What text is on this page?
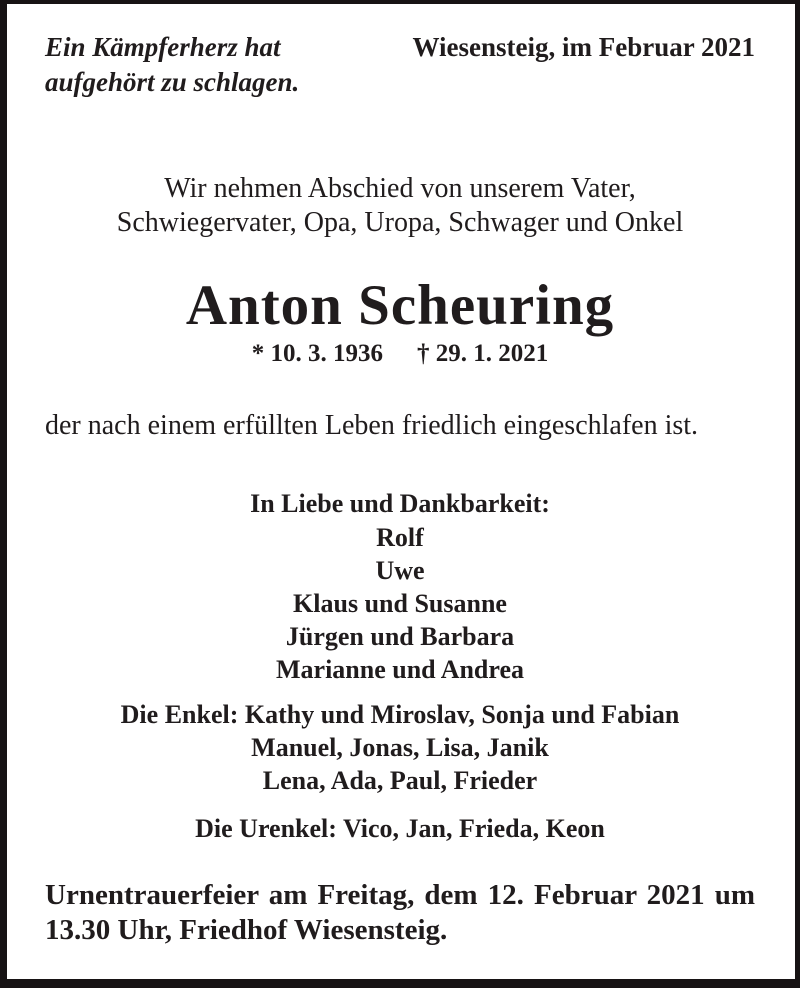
Ein Kämpferherz hat
aufgehört zu schlagen.
Wiesensteig, im Februar 2021
Wir nehmen Abschied von unserem Vater,
Schwiegervater, Opa, Uropa, Schwager und Onkel
Anton Scheuring
* 10. 3. 1936 † 29. 1. 2021

der nach einem erfüllten Leben friedlich eingeschlafen ist.

In Liebe und Dankbarkeit:
Rolf
Uwe
Klaus und Susanne
Jürgen und Barbara
Marianne und Andrea
Die Enkel: Kathy und Miroslav, Sonja und Fabian
Manuel, Jonas, Lisa, Janik
Lena, Ada, Paul, Frieder
Die Urenkel: Vico, Jan, Frieda, Keon
Urnentrauerfeier am Freitag, dem 12. Februar 2021 um
13.30 Uhr, Friedhof Wiesensteig.
